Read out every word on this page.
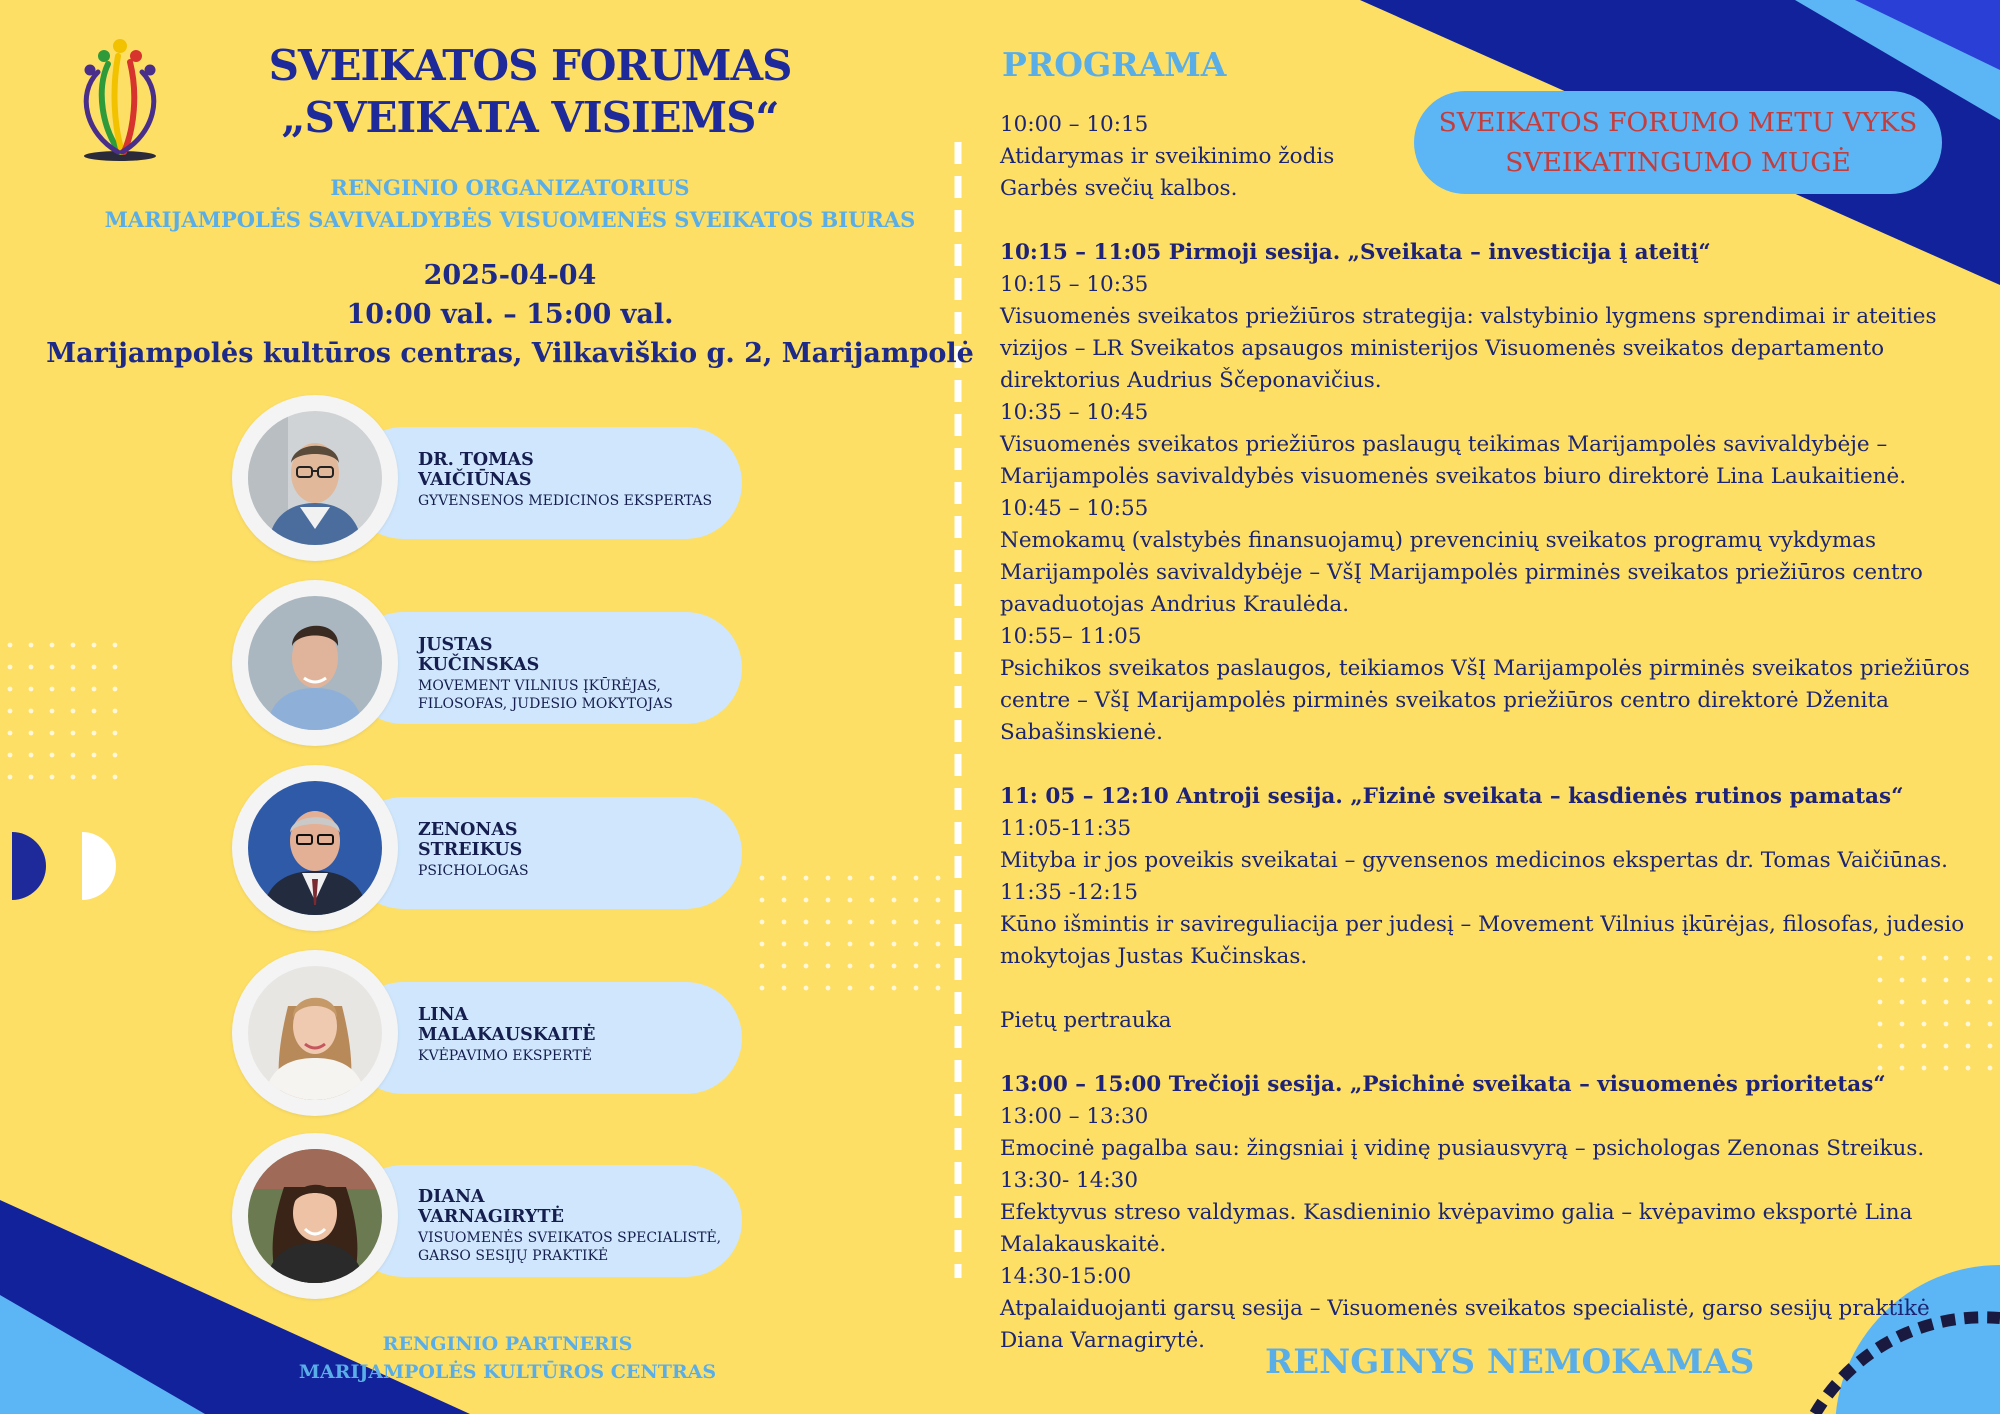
SVEIKATOS FORUMAS
„SVEIKATA VISIEMS“
RENGINIO ORGANIZATORIUS
MARIJAMPOLĖS SAVIVALDYBĖS VISUOMENĖS SVEIKATOS BIURAS
2025-04-04
10:00 val. – 15:00 val.
Marijampolės kultūros centras, Vilkaviškio g. 2, Marijampolė
DR. TOMAS
VAIČIŪNAS
GYVENSENOS MEDICINOS EKSPERTAS
JUSTAS
KUČINSKAS
MOVEMENT VILNIUS ĮKŪRĖJAS,
FILOSOFAS, JUDESIO MOKYTOJAS
ZENONAS
STREIKUS
PSICHOLOGAS
LINA
MALAKAUSKAITĖ
KVĖPAVIMO EKSPERTĖ
DIANA
VARNAGIRYTĖ
VISUOMENĖS SVEIKATOS SPECIALISTĖ,
GARSO SESIJŲ PRAKTIKĖ
RENGINIO PARTNERIS
MARIJAMPOLĖS KULTŪROS CENTRAS
PROGRAMA
10:00 – 10:15
Atidarymas ir sveikinimo žodis
Garbės svečių kalbos.
10:15 – 11:05 Pirmoji sesija. „Sveikata – investicija į ateitį“
10:15 – 10:35
Visuomenės sveikatos priežiūros strategija: valstybinio lygmens sprendimai ir ateities
vizijos – LR Sveikatos apsaugos ministerijos Visuomenės sveikatos departamento
direktorius Audrius Ščeponavičius.
10:35 – 10:45
Visuomenės sveikatos priežiūros paslaugų teikimas Marijampolės savivaldybėje –
Marijampolės savivaldybės visuomenės sveikatos biuro direktorė Lina Laukaitienė.
10:45 – 10:55
Nemokamų (valstybės finansuojamų) prevencinių sveikatos programų vykdymas
Marijampolės savivaldybėje – VšĮ Marijampolės pirminės sveikatos priežiūros centro
pavaduotojas Andrius Kraulėda.
10:55– 11:05
Psichikos sveikatos paslaugos, teikiamos VšĮ Marijampolės pirminės sveikatos priežiūros
centre – VšĮ Marijampolės pirminės sveikatos priežiūros centro direktorė Dženita
Sabašinskienė.
11: 05 – 12:10 Antroji sesija. „Fizinė sveikata – kasdienės rutinos pamatas“
11:05-11:35
Mityba ir jos poveikis sveikatai – gyvensenos medicinos ekspertas dr. Tomas Vaičiūnas.
11:35 -12:15
Kūno išmintis ir savireguliacija per judesį – Movement Vilnius įkūrėjas, filosofas, judesio
mokytojas Justas Kučinskas.
Pietų pertrauka
13:00 – 15:00 Trečioji sesija. „Psichinė sveikata – visuomenės prioritetas“
13:00 – 13:30
Emocinė pagalba sau: žingsniai į vidinę pusiausvyrą – psichologas Zenonas Streikus.
13:30- 14:30
Efektyvus streso valdymas. Kasdieninio kvėpavimo galia – kvėpavimo eksportė Lina
Malakauskaitė.
14:30-15:00
Atpalaiduojanti garsų sesija – Visuomenės sveikatos specialistė, garso sesijų praktikė
Diana Varnagirytė.
SVEIKATOS FORUMO METU VYKS
SVEIKATINGUMO MUGĖ
RENGINYS NEMOKAMAS
